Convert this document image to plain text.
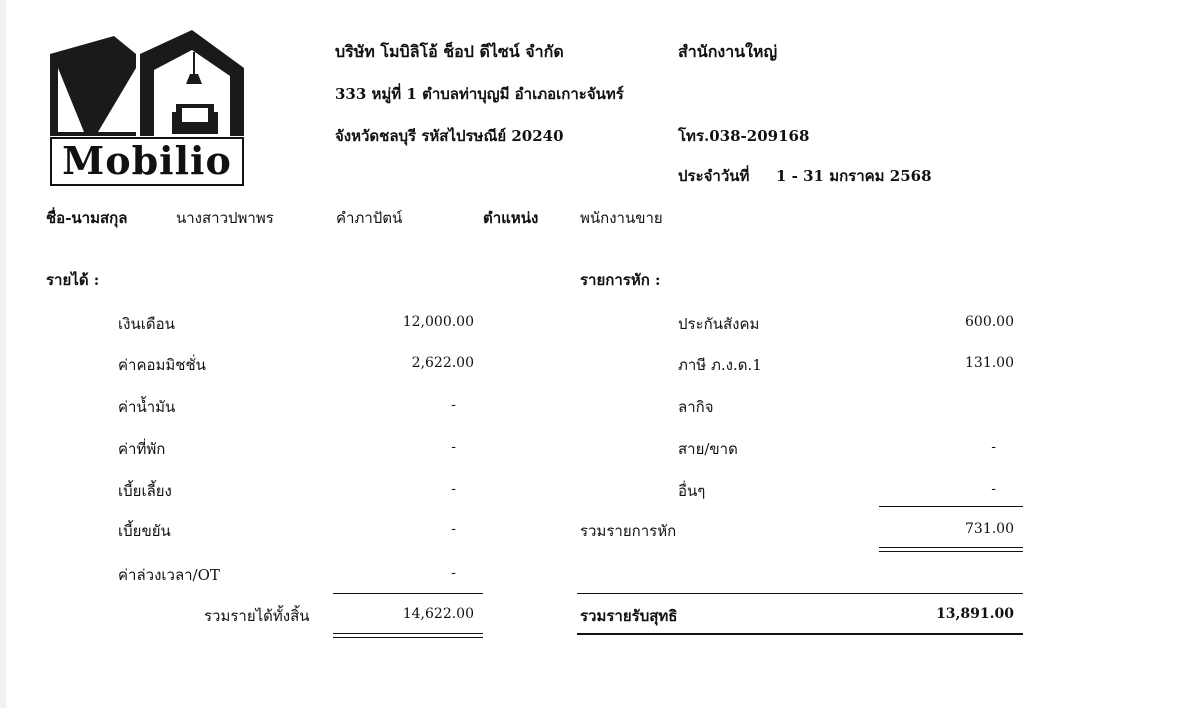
Mobilio
บริษัท โมบิลิโอ้ ช็อป ดีไซน์ จำกัด	สำนักงานใหญ่
333 หมู่ที่ 1 ตำบลท่าบุญมี อำเภอเกาะจันทร์
จังหวัดชลบุรี รหัสไปรษณีย์ 20240	โทร.038-209168
ประจำวันที่ 1 - 31 มกราคม 2568
ชื่อ-นามสกุล	นางสาวปพาพร	คำภาปัตน์	ตำแหน่ง	พนักงานขาย
รายได้ :
เงินเดือน	12,000.00
ค่าคอมมิชชั่น	2,622.00
ค่าน้ำมัน	-
ค่าที่พัก	-
เบี้ยเลี้ยง	-
เบี้ยขยัน	-
ค่าล่วงเวลา/OT	-
รวมรายได้ทั้งสิ้น	14,622.00
รายการหัก :
ประกันสังคม	600.00
ภาษี ภ.ง.ด.1	131.00
ลากิจ
สาย/ขาด	-
อื่นๆ	-
รวมรายการหัก	731.00
รวมรายรับสุทธิ	13,891.00
